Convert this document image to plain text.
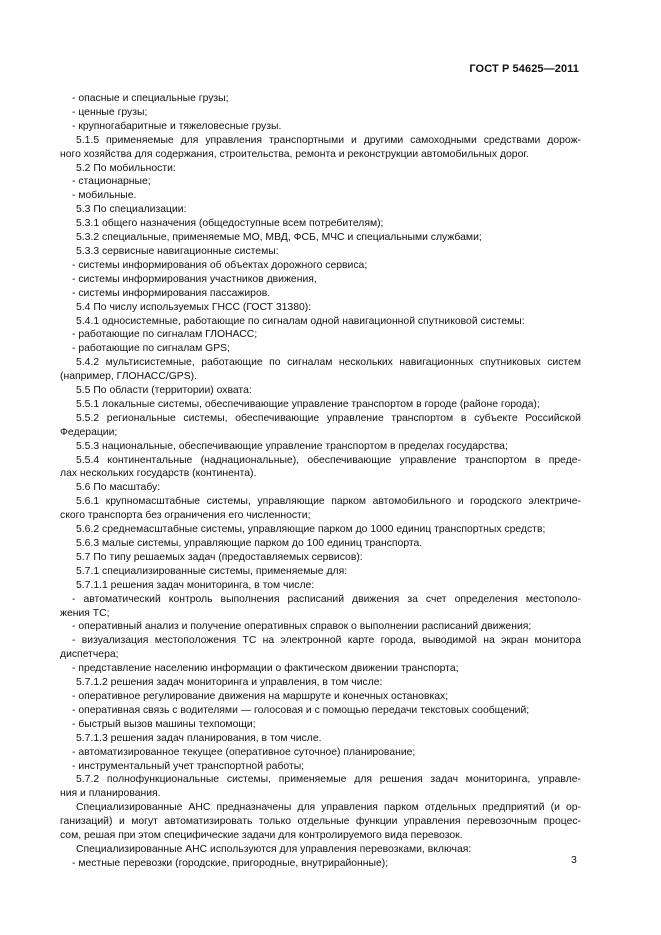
ГОСТ Р 54625—2011

- опасные и специальные грузы;

- ценные грузы;

- крупногабаритные и тяжеловесные грузы.

5.1.5 применяемые для управления транспортными и другими самоходными средствами дорож-

ного хозяйства для содержания, строительства, ремонта и реконструкции автомобильных дорог.

5.2 По мобильности:

- стационарные;

- мобильные.

5.3 По специализации:

5.3.1 общего назначения (общедоступные всем потребителям);

5.3.2 специальные, применяемые МО, МВД, ФСБ, МЧС и специальными службами;

5.3.3 сервисные навигационные системы:

- системы информирования об объектах дорожного сервиса;

- системы информирования участников движения,

- системы информирования пассажиров.

5.4 По числу используемых ГНСС (ГОСТ 31380):

5.4.1 односистемные, работающие по сигналам одной навигационной спутниковой системы:

- работающие по сигналам ГЛОНАСС;

- работающие по сигналам GPS;

5.4.2 мультисистемные, работающие по сигналам нескольких навигационных спутниковых систем

(например, ГЛОНАСС/GPS).

5.5 По области (территории) охвата:

5.5.1 локальные системы, обеспечивающие управление транспортом в городе (районе города);

5.5.2 региональные системы, обеспечивающие управление транспортом в субъекте Российской

Федерации;

5.5.3 национальные, обеспечивающие управление транспортом в пределах государства;

5.5.4 континентальные (наднациональные), обеспечивающие управление транспортом в преде-

лах нескольких государств (континента).

5.6 По масштабу:

5.6.1 крупномасштабные системы, управляющие парком автомобильного и городского электриче-

ского транспорта без ограничения его численности;

5.6.2 среднемасштабные системы, управляющие парком до 1000 единиц транспортных средств;

5.6.3 малые системы, управляющие парком до 100 единиц транспорта.

5.7 По типу решаемых задач (предоставляемых сервисов):

5.7.1 специализированные системы, применяемые для:

5.7.1.1 решения задач мониторинга, в том числе:

- автоматический контроль выполнения расписаний движения за счет определения местополо-

жения ТС;

- оперативный анализ и получение оперативных справок о выполнении расписаний движения;

- визуализация местоположения ТС на электронной карте города, выводимой на экран монитора

диспетчера;

- представление населению информации о фактическом движении транспорта;

5.7.1.2 решения задач мониторинга и управления, в том числе:

- оперативное регулирование движения на маршруте и конечных остановках;

- оперативная связь с водителями — голосовая и с помощью передачи текстовых сообщений;

- быстрый вызов машины техпомощи;

5.7.1.3 решения задач планирования, в том числе.

- автоматизированное текущее (оперативное суточное) планирование;

- инструментальный учет транспортной работы;

5.7.2 полнофункциональные системы, применяемые для решения задач мониторинга, управле-

ния и планирования.

Специализированные АНС предназначены для управления парком отдельных предприятий (и ор-

ганизаций) и могут автоматизировать только отдельные функции управления перевозочным процес-

сом, решая при этом специфические задачи для контролируемого вида перевозок.

Специализированные АНС используются для управления перевозками, включая:

- местные перевозки (городские, пригородные, внутрирайонные);	3
